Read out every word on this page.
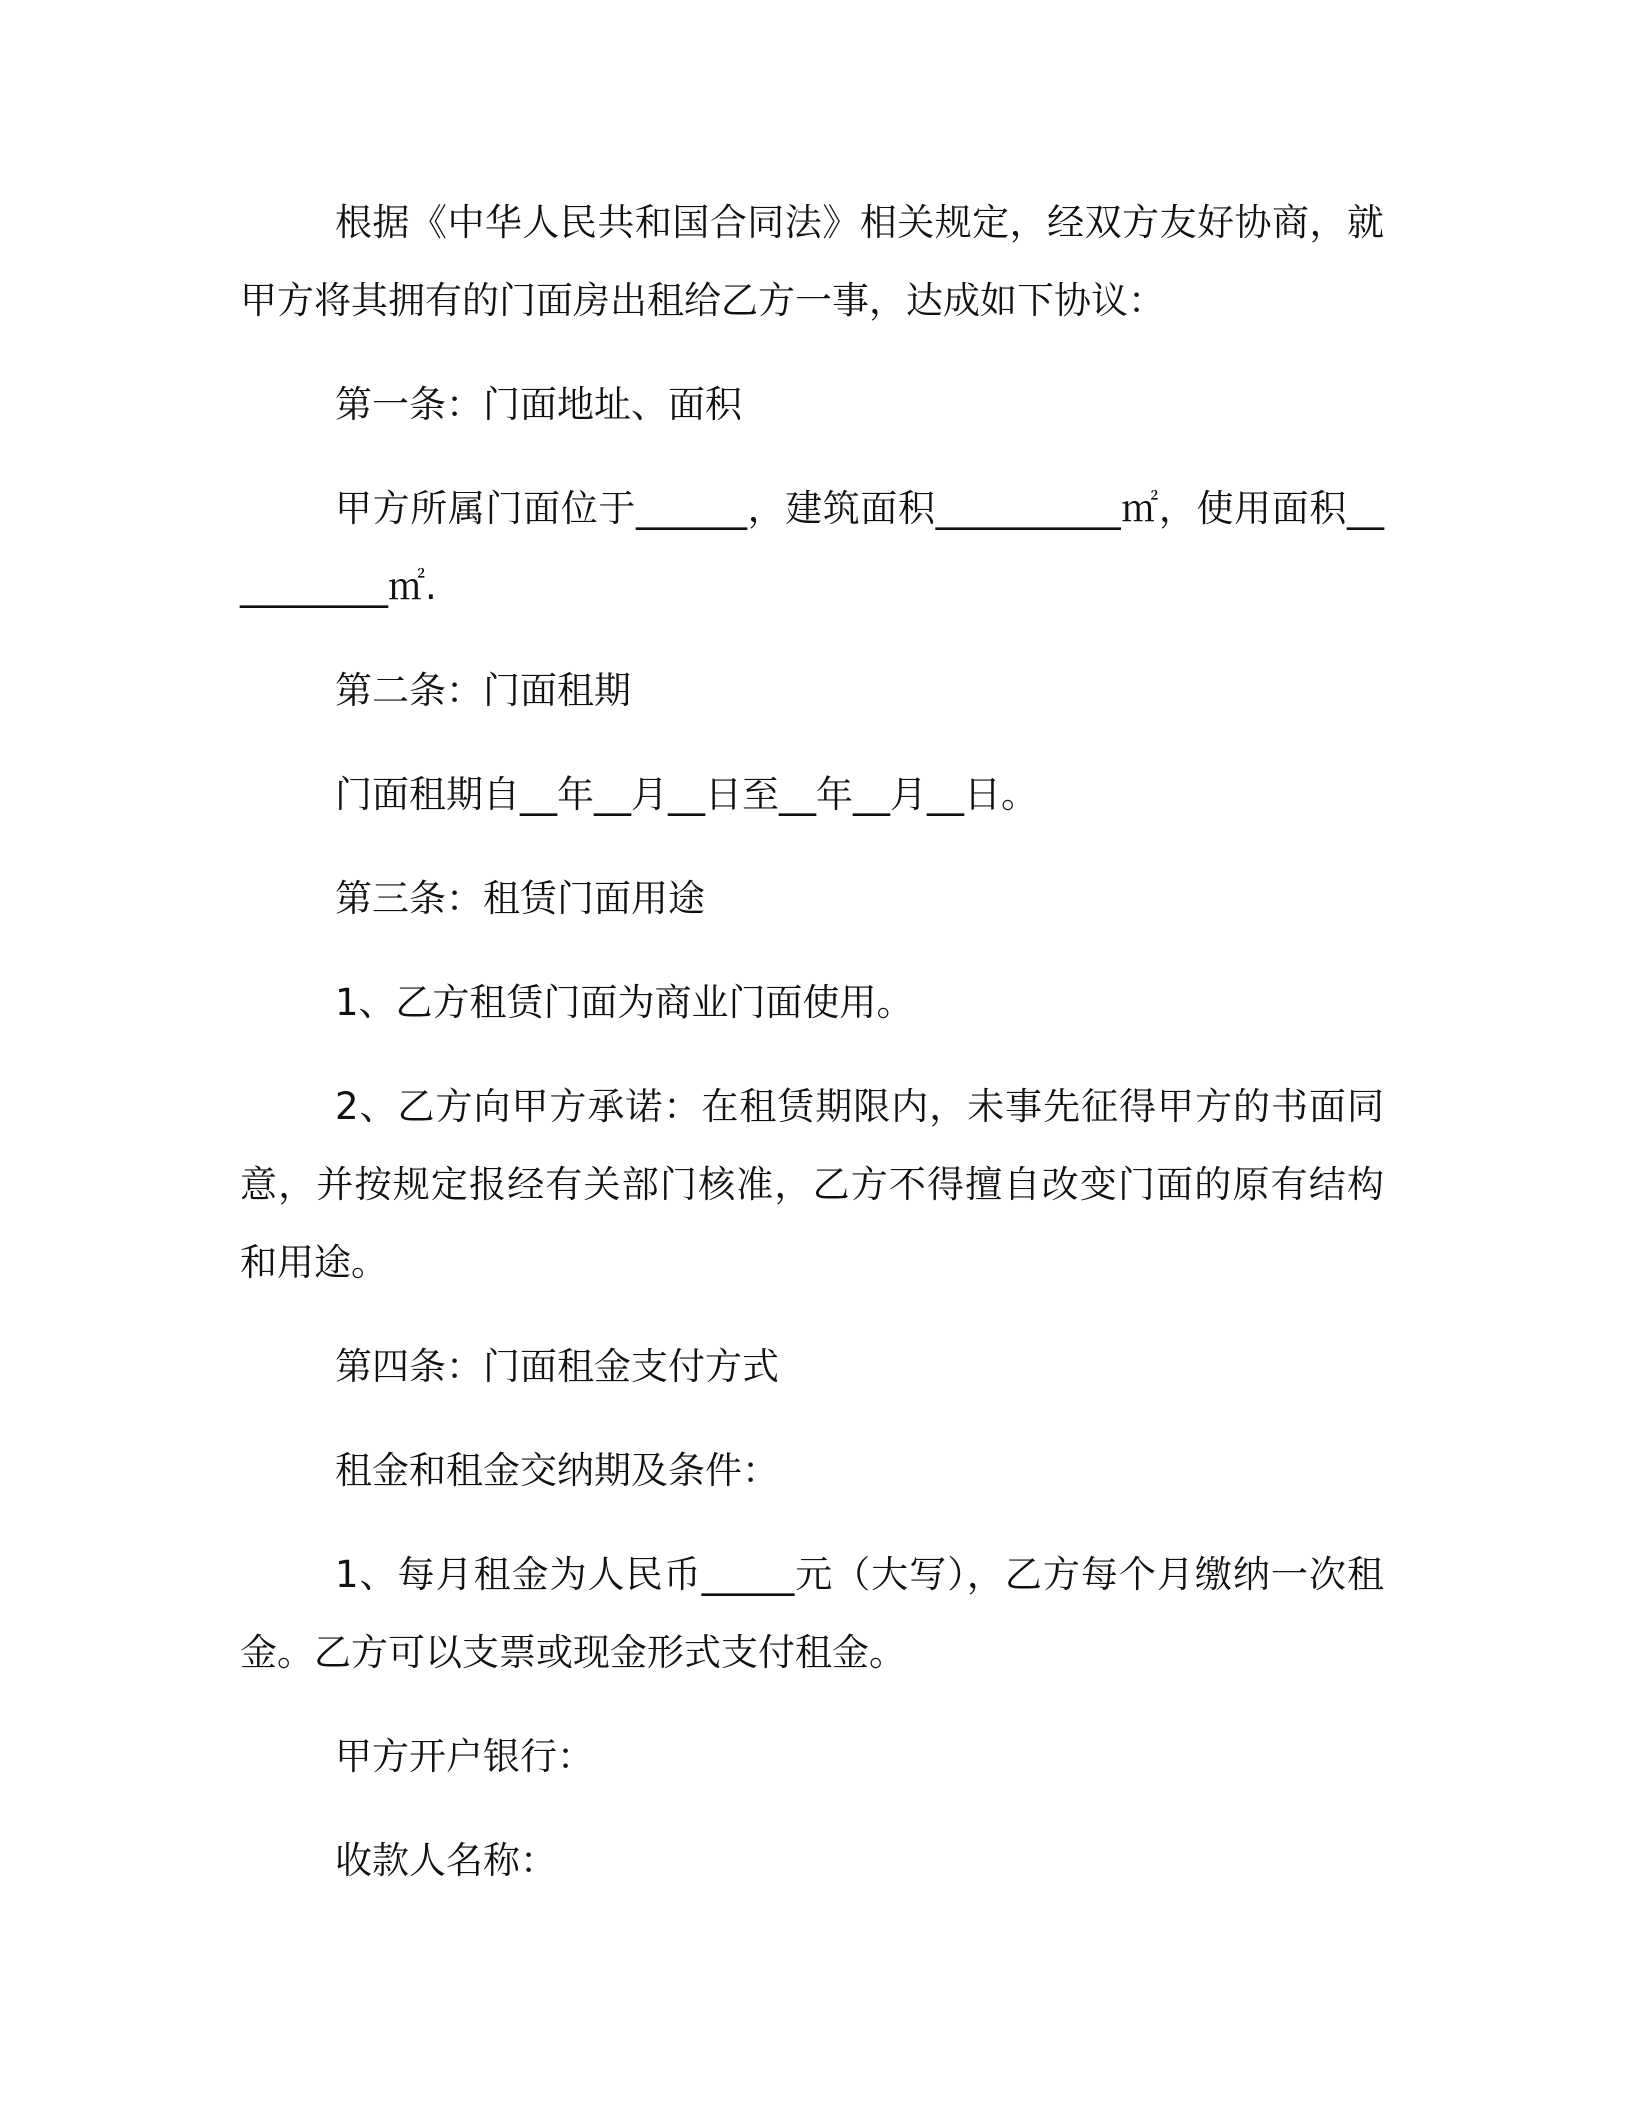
根据《中华人民共和国合同法》相关规定，经双方友好协商，就甲方将其拥有的门面房出租给乙方一事，达成如下协议：

第一条：门面地址、面积

甲方所属门面位于______，建筑面积__________㎡，使用面积__________㎡.

第二条：门面租期

门面租期自__年__月__日至__年__月__日。

第三条：租赁门面用途

1、乙方租赁门面为商业门面使用。

2、乙方向甲方承诺：在租赁期限内，未事先征得甲方的书面同意，并按规定报经有关部门核准，乙方不得擅自改变门面的原有结构和用途。

第四条：门面租金支付方式

租金和租金交纳期及条件：

1、每月租金为人民币_____元（大写），乙方每个月缴纳一次租金。乙方可以支票或现金形式支付租金。

甲方开户银行：

收款人名称：
